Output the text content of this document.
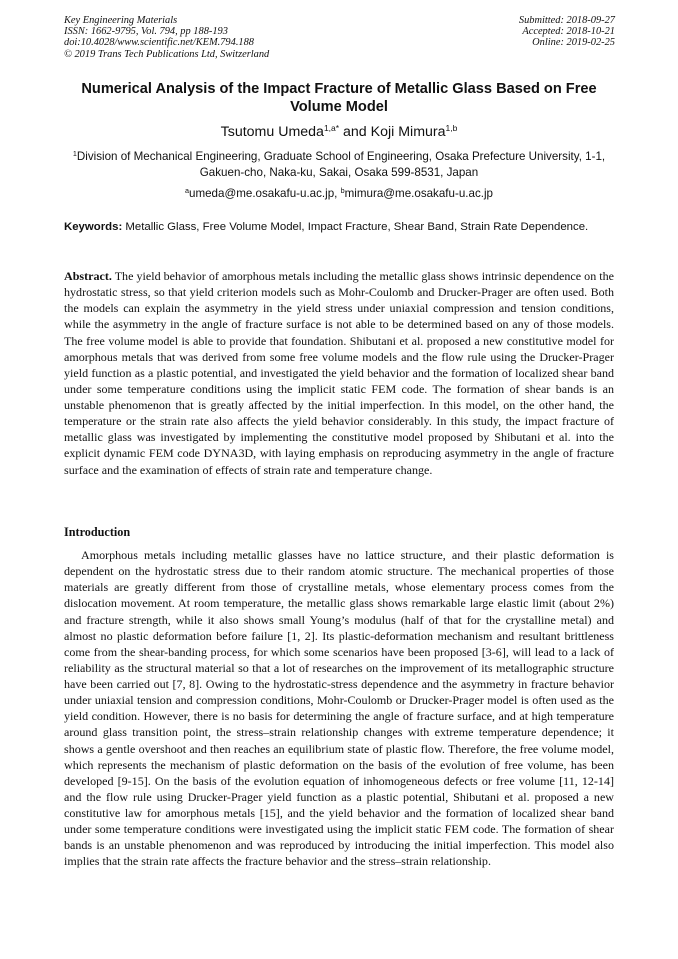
Key Engineering Materials
ISSN: 1662-9795, Vol. 794, pp 188-193
doi:10.4028/www.scientific.net/KEM.794.188
© 2019 Trans Tech Publications Ltd, Switzerland
Submitted: 2018-09-27
Accepted: 2018-10-21
Online: 2019-02-25
Numerical Analysis of the Impact Fracture of Metallic Glass Based on Free Volume Model
Tsutomu Umeda$^{1,a*}$ and Koji Mimura$^{1,b}$
$^1$Division of Mechanical Engineering, Graduate School of Engineering, Osaka Prefecture University, 1-1, Gakuen-cho, Naka-ku, Sakai, Osaka 599-8531, Japan
$^a$umeda@me.osakafu-u.ac.jp, $^b$mimura@me.osakafu-u.ac.jp
Keywords: Metallic Glass, Free Volume Model, Impact Fracture, Shear Band, Strain Rate Dependence.

Abstract. The yield behavior of amorphous metals including the metallic glass shows intrinsic dependence on the hydrostatic stress, so that yield criterion models such as Mohr-Coulomb and Drucker-Prager are often used. Both the models can explain the asymmetry in the yield stress under uniaxial compression and tension conditions, while the asymmetry in the angle of fracture surface is not able to be determined based on any of those models. The free volume model is able to provide that foundation. Shibutani et al. proposed a new constitutive model for amorphous metals that was derived from some free volume models and the flow rule using the Drucker-Prager yield function as a plastic potential, and investigated the yield behavior and the formation of localized shear band under some temperature conditions using the implicit static FEM code. The formation of shear bands is an unstable phenomenon that is greatly affected by the initial imperfection. In this model, on the other hand, the temperature or the strain rate also affects the yield behavior considerably. In this study, the impact fracture of metallic glass was investigated by implementing the constitutive model proposed by Shibutani et al. into the explicit dynamic FEM code DYNA3D, with laying emphasis on reproducing asymmetry in the angle of fracture surface and the examination of effects of strain rate and temperature change.

Introduction

Amorphous metals including metallic glasses have no lattice structure, and their plastic deformation is dependent on the hydrostatic stress due to their random atomic structure. The mechanical properties of those materials are greatly different from those of crystalline metals, whose elementary process comes from the dislocation movement. At room temperature, the metallic glass shows remarkable large elastic limit (about 2%) and fracture strength, while it also shows small Young’s modulus (half of that for the crystalline metal) and almost no plastic deformation before failure [1, 2]. Its plastic-deformation mechanism and resultant brittleness come from the shear-banding process, for which some scenarios have been proposed [3-6], will lead to a lack of reliability as the structural material so that a lot of researches on the improvement of its metallographic structure have been carried out [7, 8]. Owing to the hydrostatic-stress dependence and the asymmetry in fracture behavior under uniaxial tension and compression conditions, Mohr-Coulomb or Drucker-Prager model is often used as the yield condition. However, there is no basis for determining the angle of fracture surface, and at high temperature around glass transition point, the stress–strain relationship changes with extreme temperature dependence; it shows a gentle overshoot and then reaches an equilibrium state of plastic flow. Therefore, the free volume model, which represents the mechanism of plastic deformation on the basis of the evolution of free volume, has been developed [9-15]. On the basis of the evolution equation of inhomogeneous defects or free volume [11, 12-14] and the flow rule using Drucker-Prager yield function as a plastic potential, Shibutani et al. proposed a new constitutive law for amorphous metals [15], and the yield behavior and the formation of localized shear band under some temperature conditions were investigated using the implicit static FEM code. The formation of shear bands is an unstable phenomenon and was reproduced by introducing the initial imperfection. This model also implies that the strain rate affects the fracture behavior and the stress–strain relationship.
